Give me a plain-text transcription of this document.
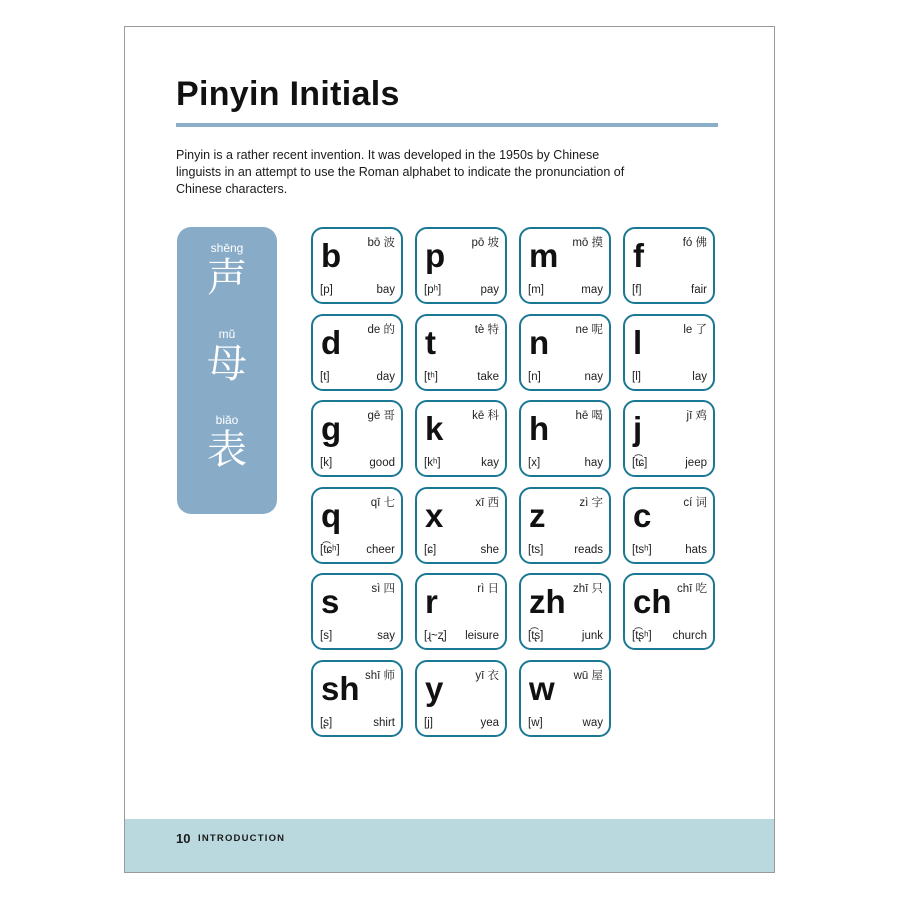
Pinyin Initials

Pinyin is a rather recent invention. It was developed in the 1950s by Chinese linguists in an attempt to use the Roman alphabet to indicate the pronunciation of Chinese characters.

shēng
声
mŭ
母
biăo
表
b bō 波
[p]	bay
p pō 坡
[pʰ]	pay
m mō 摸
[m]	may
f	fó 佛
[f]	fair
d de 的
[t]	day
t	tè 特
[tʰ]	take
n ne 呢
[n]	nay
l	le 了
[l]	lay
g gē 哥
[k]	good
k	kē 科
[kʰ]	kay
h hē 喝
[x]	hay
j	jī 鸡
[t͡ɕ]	jeep
q	qī 七
[t͡ɕʰ] cheer
x	xī 西
[ɕ]	she
z	zì 字
[ts]	reads
c	cí 词
[tsʰ]	hats
s	sì 四
[s]	say
r	rì 日
[ɻ~ʐ] leisure
zh zhī 只
[t͡ʂ]	junk
ch chī 吃
[t͡ʂʰ] church
sh shī 师
[ʂ]	shirt
y	yī 衣
[j]	yea
w wū 屋
[w]	way
10 INTRODUCTION
